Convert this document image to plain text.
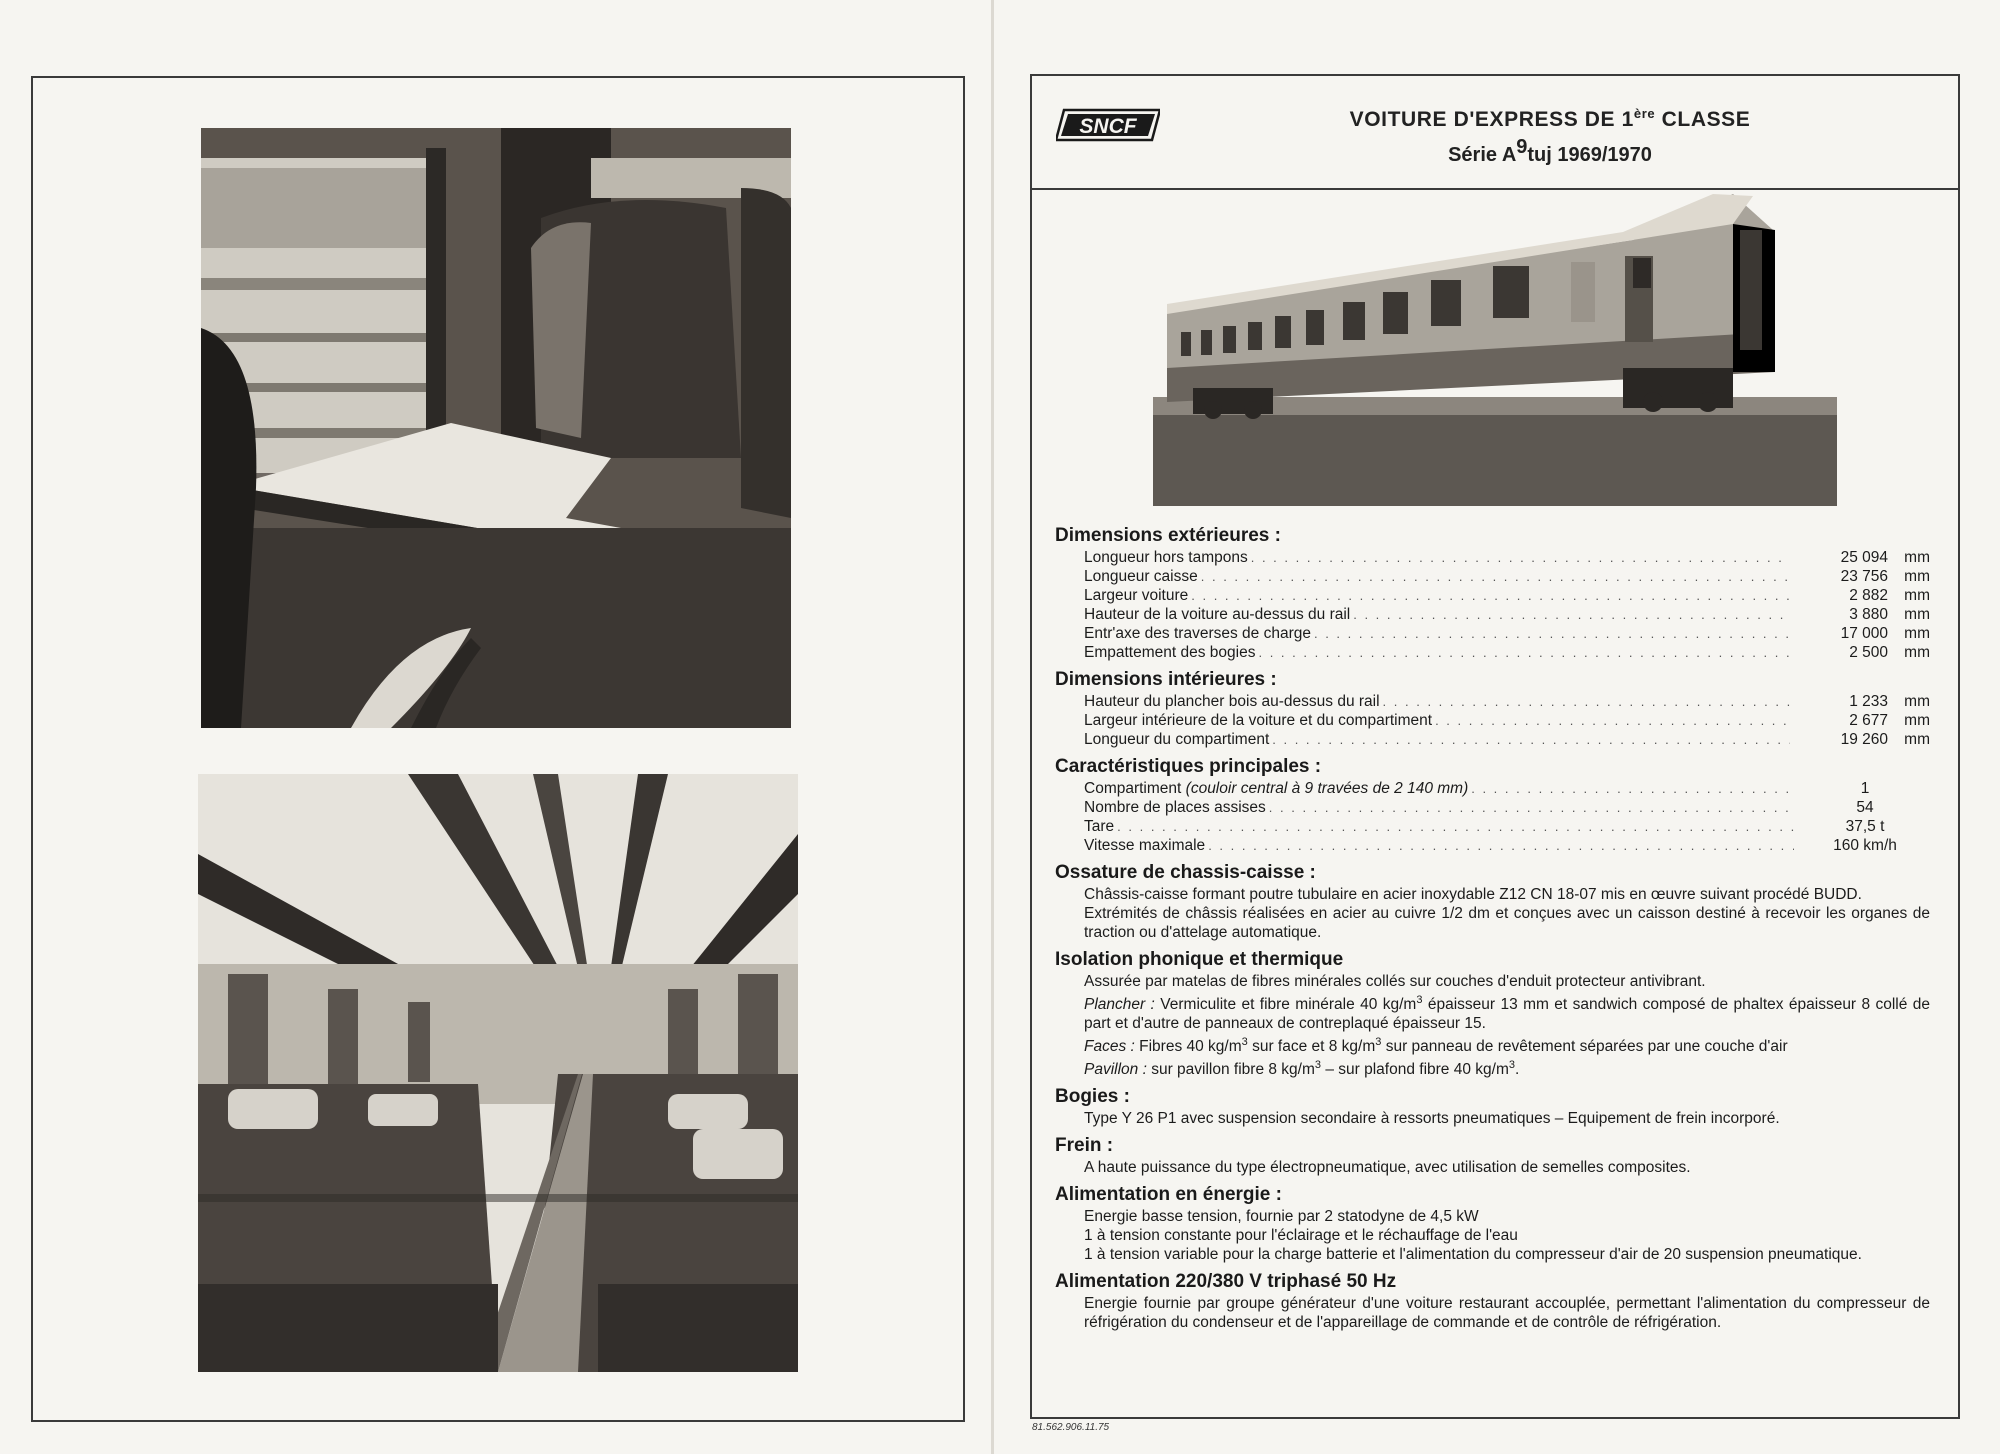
SNCF	VOITURE D'EXPRESS DE 1ère CLASSE
Série A9tuj 1969/1970
Dimensions extérieures :
Longueur hors tampons . . .	25 094	mm
Longueur caisse . . .	23 756	mm
Largeur voiture . . .	2 882	mm
Hauteur de la voiture au-dessus du rail . . .	3 880	mm
Entr'axe des traverses de charge . . .	17 000	mm
Empattement des bogies . . .	2 500	mm
Dimensions intérieures :
Hauteur du plancher bois au-dessus du rail . . .	1 233	mm
Largeur intérieure de la voiture et du compartiment . . .	2 677	mm
Longueur du compartiment . . .	19 260	mm
Caractéristiques principales :
Compartiment (couloir central à 9 travées de 2 140 mm) . . .	1
Nombre de places assises . . .	54
Tare . . .	37,5 t
Vitesse maximale . . .	160 km/h
Ossature de chassis-caisse :
Châssis-caisse formant poutre tubulaire en acier inoxydable Z12 CN 18-07 mis en œuvre suivant procédé BUDD.
Extrémités de châssis réalisées en acier au cuivre 1/2 dm et conçues avec un caisson destiné à recevoir les organes de traction ou d'attelage automatique.
Isolation phonique et thermique
Assurée par matelas de fibres minérales collés sur couches d'enduit protecteur antivibrant.
Plancher : Vermiculite et fibre minérale 40 $kg/m^3$ épaisseur 13 mm et sandwich composé de phaltex épaisseur 8 collé de part et d'autre de panneaux de contreplaqué épaisseur 15.
Faces : Fibres 40 $kg/m^3$ sur face et 8 $kg/m^3$ sur panneau de revêtement séparées par une couche d'air
Pavillon : sur pavillon fibre 8 $kg/m^3$ – sur plafond fibre 40 $kg/m^3$.
Bogies :
Type Y 26 P1 avec suspension secondaire à ressorts pneumatiques – Equipement de frein incorporé.
Frein :
A haute puissance du type électropneumatique, avec utilisation de semelles composites.
Alimentation en énergie :
Energie basse tension, fournie par 2 statodyne de 4,5 kW
1 à tension constante pour l'éclairage et le réchauffage de l'eau
1 à tension variable pour la charge batterie et l'alimentation du compresseur d'air de 20 suspension pneumatique.
Alimentation 220/380 V triphasé 50 Hz
Energie fournie par groupe générateur d'une voiture restaurant accouplée, permettant l'alimentation du compresseur de réfrigération du condenseur et de l'appareillage de commande et de contrôle de réfrigération.
81.562.906.11.75
